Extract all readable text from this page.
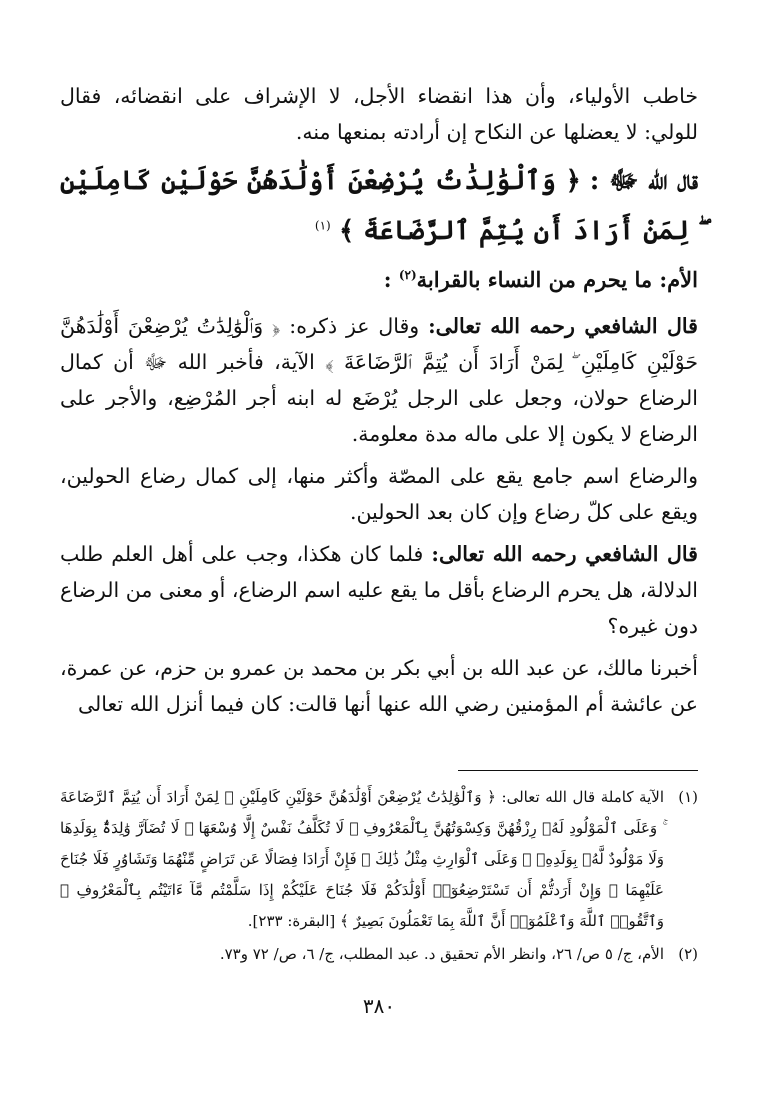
خاطب الأولياء، وأن هذا انقضاء الأجل، لا الإشراف على انقضائه، فقال للولي: لا يعضلها عن النكاح إن أرادته بمنعها منه.

قال الله ﷻ : ﴿ وَٱلْوَٰلِدَٰتُ يُرْضِعْنَ أَوْلَٰدَهُنَّ حَوْلَيْنِ كَامِلَيْنِ ۖ لِمَنْ أَرَادَ أَن يُتِمَّ ٱلرَّضَاعَةَ ﴾ $^{(١)}$

الأم: ما يحرم من النساء بالقرابة$^{(٢)}$ :

قال الشافعي رحمه الله تعالى: وقال عز ذكره: ﴿ وَٱلْوَٰلِدَٰتُ يُرْضِعْنَ أَوْلَٰدَهُنَّ حَوْلَيْنِ كَامِلَيْنِ ۖ لِمَنْ أَرَادَ أَن يُتِمَّ ٱلرَّضَاعَةَ ﴾ الآية، فأخبر الله ﷻ أن كمال الرضاع حولان، وجعل على الرجل يُرْضَع له ابنه أجر المُرْضِع، والأجر على الرضاع لا يكون إلا على ماله مدة معلومة.

والرضاع اسم جامع يقع على المصّة وأكثر منها، إلى كمال رضاع الحولين، ويقع على كلّ رضاع وإن كان بعد الحولين.

قال الشافعي رحمه الله تعالى: فلما كان هكذا، وجب على أهل العلم طلب الدلالة، هل يحرم الرضاع بأقل ما يقع عليه اسم الرضاع، أو معنى من الرضاع دون غيره؟

أخبرنا مالك، عن عبد الله بن أبي بكر بن محمد بن عمرو بن حزم، عن عمرة، عن عائشة أم المؤمنين رضي الله عنها أنها قالت: كان فيما أنزل الله تعالى

(١)
الآية كاملة قال الله تعالى: ﴿ وَٱلْوَٰلِدَٰتُ يُرْضِعْنَ أَوْلَٰدَهُنَّ حَوْلَيْنِ كَامِلَيْنِ ۖ لِمَنْ أَرَادَ أَن يُتِمَّ ٱلرَّضَاعَةَ ۚ وَعَلَى ٱلْمَوْلُودِ لَهُۥ رِزْقُهُنَّ وَكِسْوَتُهُنَّ بِٱلْمَعْرُوفِ ۚ لَا تُكَلَّفُ نَفْسٌ إِلَّا وُسْعَهَا ۚ لَا تُضَآرَّ وَٰلِدَةٌۢ بِوَلَدِهَا وَلَا مَوْلُودٌ لَّهُۥ بِوَلَدِهِۦ ۚ وَعَلَى ٱلْوَارِثِ مِثْلُ ذَٰلِكَ ۗ فَإِنْ أَرَادَا فِصَالًا عَن تَرَاضٍ مِّنْهُمَا وَتَشَاوُرٍ فَلَا جُنَاحَ عَلَيْهِمَا ۗ وَإِنْ أَرَدتُّمْ أَن تَسْتَرْضِعُوٓا۟ أَوْلَٰدَكُمْ فَلَا جُنَاحَ عَلَيْكُمْ إِذَا سَلَّمْتُم مَّآ ءَاتَيْتُم بِٱلْمَعْرُوفِ ۗ وَٱتَّقُوا۟ ٱللَّهَ وَٱعْلَمُوٓا۟ أَنَّ ٱللَّهَ بِمَا تَعْمَلُونَ بَصِيرٌ ﴾ [البقرة: ٢٣٣].
(٢)
الأم، ج/ ٥ ص/ ٢٦، وانظر الأم تحقيق د. عبد المطلب، ج/ ٦، ص/ ٧٢ و٧٣.
٣٨٠
